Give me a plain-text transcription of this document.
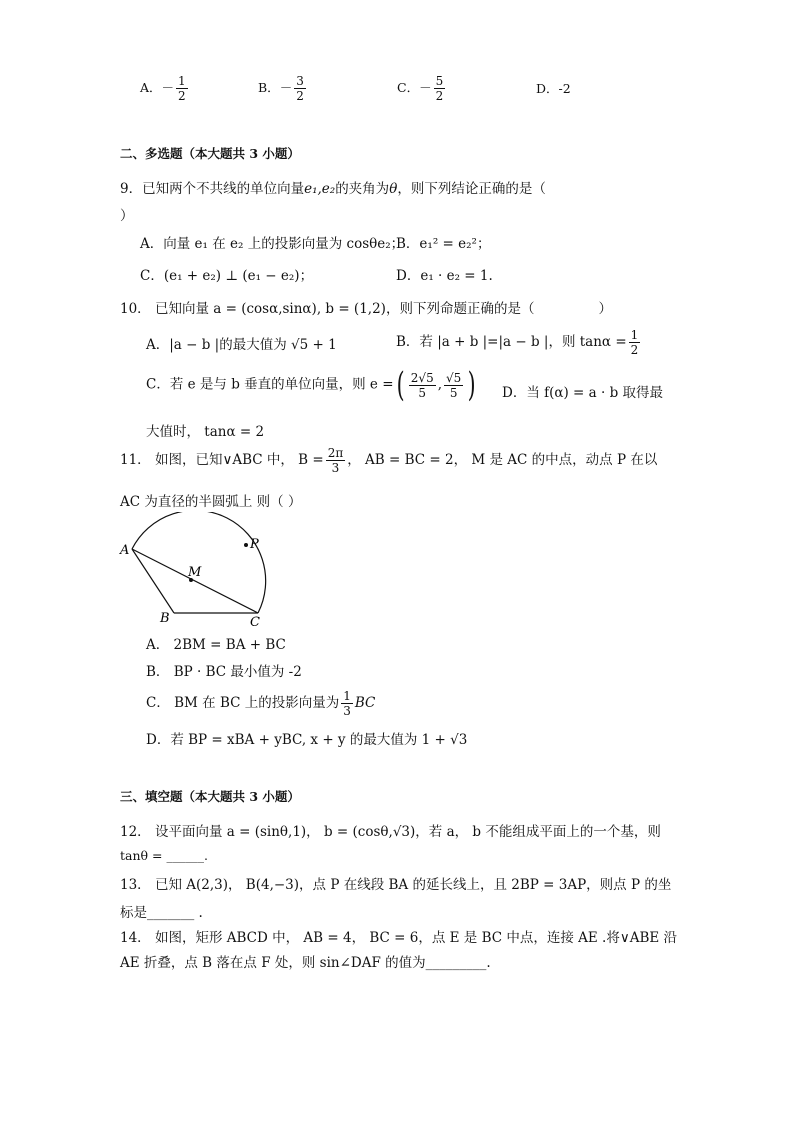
A．－ $\frac{1}{2}$	B．－ $\frac{3}{2}$	C．－ $\frac{5}{2}$	D．-2
二、多选题（本大题共 3 小题）
9．已知两个不共线的单位向量e₁,e₂的夹角为θ，则下列结论正确的是（
）
A．向量 e₁ 在 e₂ 上的投影向量为 cosθe₂；
B．e₁² = e₂²；
C．(e₁ + e₂) ⊥ (e₁ − e₂)；	D．e₁ · e₂ = 1.
10． 已知向量 a = (cosα,sinα), b = (1,2)，则下列命题正确的是（	）
A．|a − b |的最大值为 √5 + 1	B．若 |a + b |=|a − b |，则 $\tan\alpha = \frac{1}{2}$
C．若 e 是与 b 垂直的单位向量，则 e =( $\frac{2√5}{5}$ , $\frac{√5}{5}$ ) D．当 f(α) = a · b 取得最
大值时， tanα = 2
11． 如图，已知∨ABC 中， $B = \frac{2\pi}{3}$ ， AB = BC = 2， M 是 AC 的中点，动点 P 在以
AC 为直径的半圆弧上 则（ ）
A
B	C
M
P
A． 2BM = BA + BC
B． BP · BC 最小值为 -2
C． BM 在 BC 上的投影向量为 $\frac{1}{3}$ BC
D．若 BP = xBA + yBC, x + y 的最大值为 1 + √3
三、填空题（本大题共 3 小题）
12． 设平面向量 a = (sinθ,1)， b = (cosθ,√3)，若 a， b 不能组成平面上的一个基，则
tanθ = ______.
13． 已知 A(2,3)， B(4,−3)，点 P 在线段 BA 的延长线上，且 2BP = 3AP，则点 P 的坐
标是_______ .
14． 如图，矩形 ABCD 中， AB = 4， BC = 6，点 E 是 BC 中点，连接 AE .将∨ABE 沿
AE 折叠，点 B 落在点 F 处，则 sin∠DAF 的值为_________.
